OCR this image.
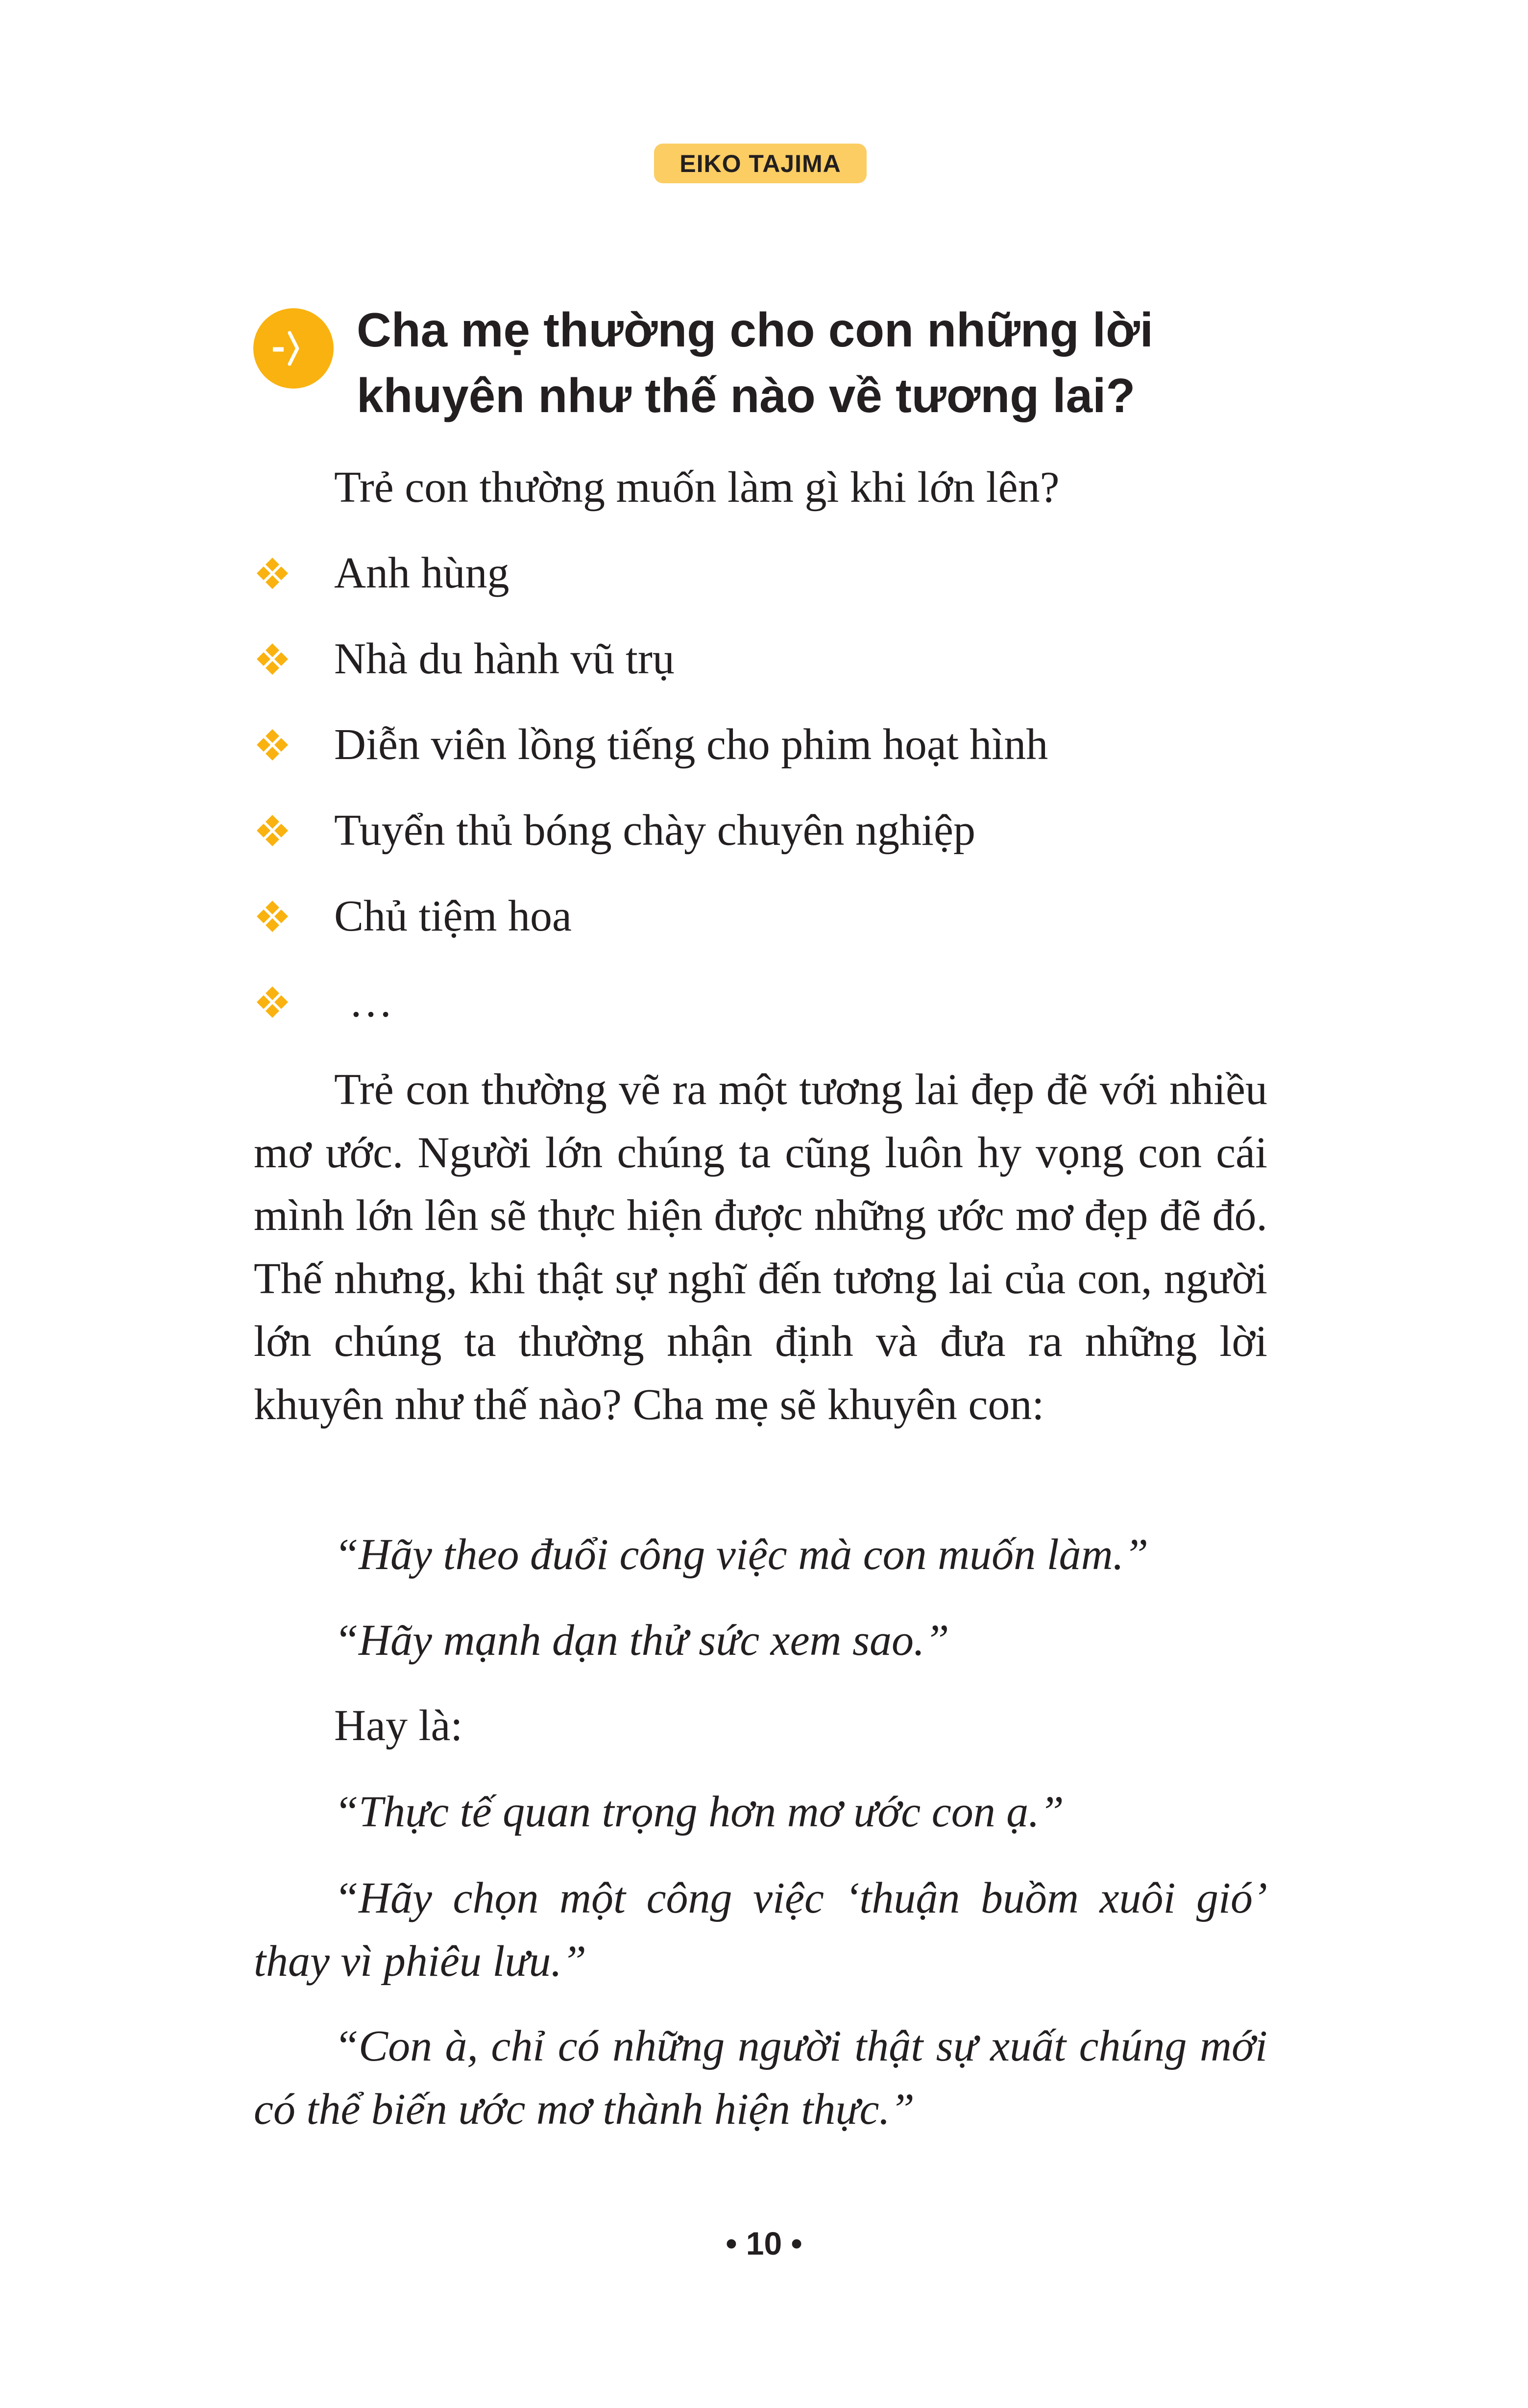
EIKO TAJIMA
Cha mẹ thường cho con những lời
khuyên như thế nào về tương lai?
Trẻ con thường muốn làm gì khi lớn lên?
Anh hùng
Nhà du hành vũ trụ
Diễn viên lồng tiếng cho phim hoạt hình
Tuyển thủ bóng chày chuyên nghiệp
Chủ tiệm hoa
…
Trẻ con thường vẽ ra một tương lai đẹp đẽ với nhiều mơ ước. Người lớn chúng ta cũng luôn hy vọng con cái mình lớn lên sẽ thực hiện được những ước mơ đẹp đẽ đó. Thế nhưng, khi thật sự nghĩ đến tương lai của con, người lớn chúng ta thường nhận định và đưa ra những lời khuyên như thế nào? Cha mẹ sẽ khuyên con:
“Hãy theo đuổi công việc mà con muốn làm.”
“Hãy mạnh dạn thử sức xem sao.”
Hay là:
“Thực tế quan trọng hơn mơ ước con ạ.”
“Hãy chọn một công việc ‘thuận buồm xuôi gió’ thay vì phiêu lưu.”
“Con à, chỉ có những người thật sự xuất chúng mới có thể biến ước mơ thành hiện thực.”
• 10 •
